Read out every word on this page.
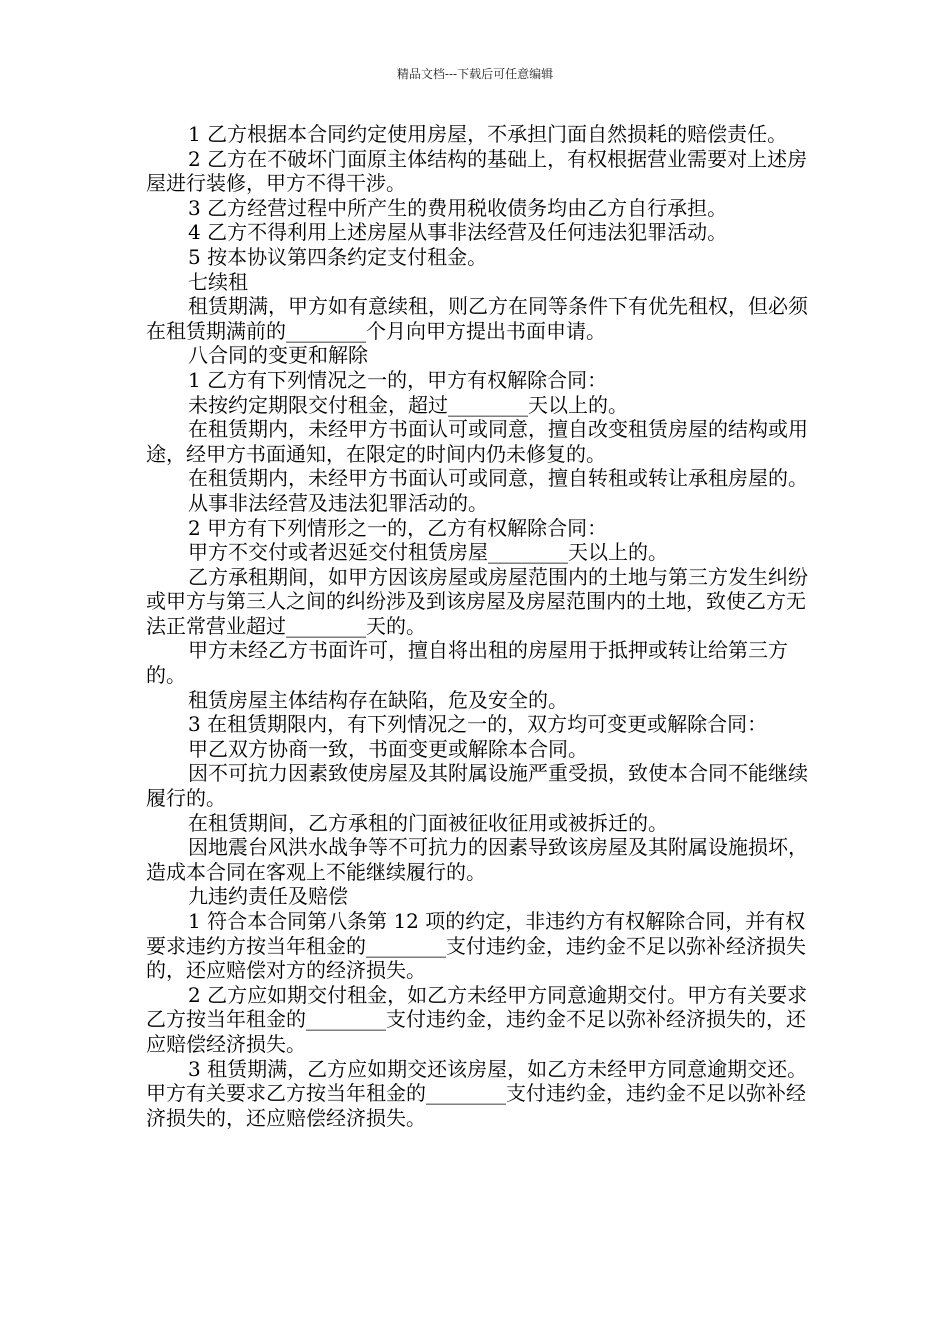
精品文档---下载后可任意编辑

1 乙方根据本合同约定使用房屋，不承担门面自然损耗的赔偿责任。

2 乙方在不破坏门面原主体结构的基础上，有权根据营业需要对上述房屋进行装修，甲方不得干涉。

3 乙方经营过程中所产生的费用税收债务均由乙方自行承担。

4 乙方不得利用上述房屋从事非法经营及任何违法犯罪活动。

5 按本协议第四条约定支付租金。

七续租

租赁期满，甲方如有意续租，则乙方在同等条件下有优先租权，但必须在租赁期满前的________个月向甲方提出书面申请。

八合同的变更和解除

1 乙方有下列情况之一的，甲方有权解除合同：

未按约定期限交付租金，超过________天以上的。

在租赁期内，未经甲方书面认可或同意，擅自改变租赁房屋的结构或用途，经甲方书面通知，在限定的时间内仍未修复的。

在租赁期内，未经甲方书面认可或同意，擅自转租或转让承租房屋的。

从事非法经营及违法犯罪活动的。

2 甲方有下列情形之一的，乙方有权解除合同：

甲方不交付或者迟延交付租赁房屋________天以上的。

乙方承租期间，如甲方因该房屋或房屋范围内的土地与第三方发生纠纷或甲方与第三人之间的纠纷涉及到该房屋及房屋范围内的土地，致使乙方无法正常营业超过________天的。

甲方未经乙方书面许可，擅自将出租的房屋用于抵押或转让给第三方的。

租赁房屋主体结构存在缺陷，危及安全的。

3 在租赁期限内，有下列情况之一的，双方均可变更或解除合同：

甲乙双方协商一致，书面变更或解除本合同。

因不可抗力因素致使房屋及其附属设施严重受损，致使本合同不能继续履行的。

在租赁期间，乙方承租的门面被征收征用或被拆迁的。

因地震台风洪水战争等不可抗力的因素导致该房屋及其附属设施损坏，造成本合同在客观上不能继续履行的。

九违约责任及赔偿

1 符合本合同第八条第 12 项的约定，非违约方有权解除合同，并有权要求违约方按当年租金的________支付违约金，违约金不足以弥补经济损失的，还应赔偿对方的经济损失。

2 乙方应如期交付租金，如乙方未经甲方同意逾期交付。甲方有关要求乙方按当年租金的________支付违约金，违约金不足以弥补经济损失的，还应赔偿经济损失。

3 租赁期满，乙方应如期交还该房屋，如乙方未经甲方同意逾期交还。甲方有关要求乙方按当年租金的________支付违约金，违约金不足以弥补经济损失的，还应赔偿经济损失。
